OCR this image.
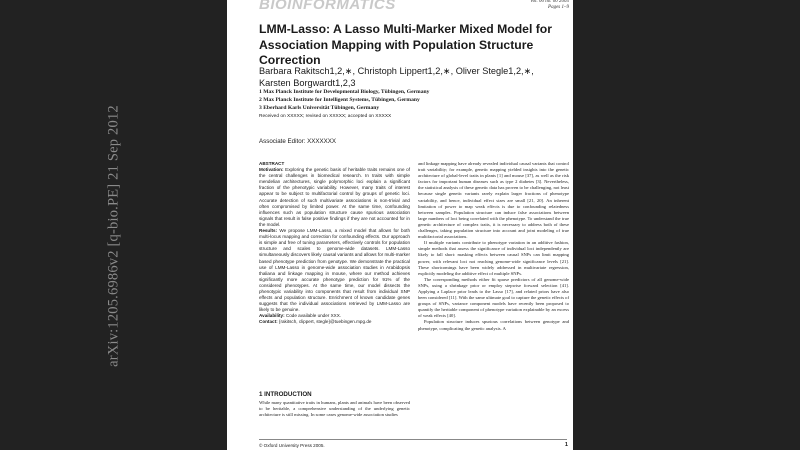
arXiv:1205.6986v2 [q-bio.PE] 21 Sep 2012
BIOINFORMATICS	Vol. 00 no. 00 2005
Pages 1–9
LMM-Lasso: A Lasso Multi-Marker Mixed Model for Association Mapping with Population Structure Correction
Barbara Rakitsch1,2,∗, Christoph Lippert1,2,∗, Oliver Stegle1,2,∗, Karsten Borgwardt1,2,3
1 Max Planck Institute for Developmental Biology, Tübingen, Germany
2 Max Planck Institute for Intelligent Systems, Tübingen, Germany
3 Eberhard Karls Universität Tübingen, Germany
Received on XXXXX; revised on XXXXX; accepted on XXXXX
Associate Editor: XXXXXXX

ABSTRACT

Motivation: Exploring the genetic basis of heritable traits remains one of the central challenges in biomedical research. In traits with simple mendelian architectures, single polymorphic loci explain a significant fraction of the phenotypic variability. However, many traits of interest appear to be subject to multifactorial control by groups of genetic loci. Accurate detection of such multivariate associations is non-trivial and often compromised by limited power. At the same time, confounding influences such as population structure cause spurious association signals that result in false positive findings if they are not accounted for in the model.

Results: We propose LMM-Lasso, a mixed model that allows for both multi-locus mapping and correction for confounding effects. Our approach is simple and free of tuning parameters, effectively controls for population structure and scales to genome-wide datasets. LMM-Lasso simultaneously discovers likely causal variants and allows for multi-marker based phenotype prediction from genotype. We demonstrate the practical use of LMM-Lasso in genome-wide association studies in Arabidopsis thaliana and linkage mapping in mouse, where our method achieves significantly more accurate phenotype prediction for 91% of the considered phenotypes. At the same time, our model dissects the phenotypic variability into components that result from individual SNP effects and population structure. Enrichment of known candidate genes suggests that the individual associations retrieved by LMM-Lasso are likely to be genuine.

Availability: Code available under XXX.

Contact: {rakitsch, clippert, stegle}@tuebingen.mpg.de

1 INTRODUCTION
While many quantitative traits in humans, plants and animals have been observed to be heritable, a comprehensive understanding of the underlying genetic architecture is still missing. In some cases genome-wide association studies

and linkage mapping have already revealed individual causal variants that control trait variability; for example, genetic mapping yielded insights into the genetic architecture of global-level traits in plants [1] and mouse [37], as well as the risk factors for important human diseases such as type 2 diabetes [3]. Nevertheless, the statistical analysis of these genetic data has proven to be challenging, not least because single genetic variants rarely explain larger fractions of phenotype variability, and hence, individual effect sizes are small [21, 20]. An inherent limitation of power to map weak effects is due to confounding relatedness between samples. Population structure can induce false associations between large numbers of loci being correlated with the phenotype. To understand the true genetic architecture of complex traits, it is necessary to address both of these challenges, taking population structure into account and joint modeling of true multifactorial associations.

If multiple variants contribute to phenotype variation in an additive fashion, simple methods that assess the significance of individual loci independently are likely to fall short: masking effects between causal SNPs can limit mapping power, with relevant loci not reaching genome-wide significance levels [21]. These shortcomings have been widely addressed in multivariate regression, explicitly modeling the additive effect of multiple SNPs.

The corresponding methods either fit sparse predictors of all genome-wide SNPs, using a shrinkage prior or employ stepwise forward selection [41]. Applying a Laplace prior leads to the Lasso [17], and related priors have also been considered [11]. With the same ultimate goal to capture the genetic effects of groups of SNPs, variance component models have recently been proposed to quantify the heritable component of phenotype variation explainable by an excess of weak effects [40].

Population structure induces spurious correlations between genotype and phenotype, complicating the genetic analysis. A

© Oxford University Press 2005.	1
